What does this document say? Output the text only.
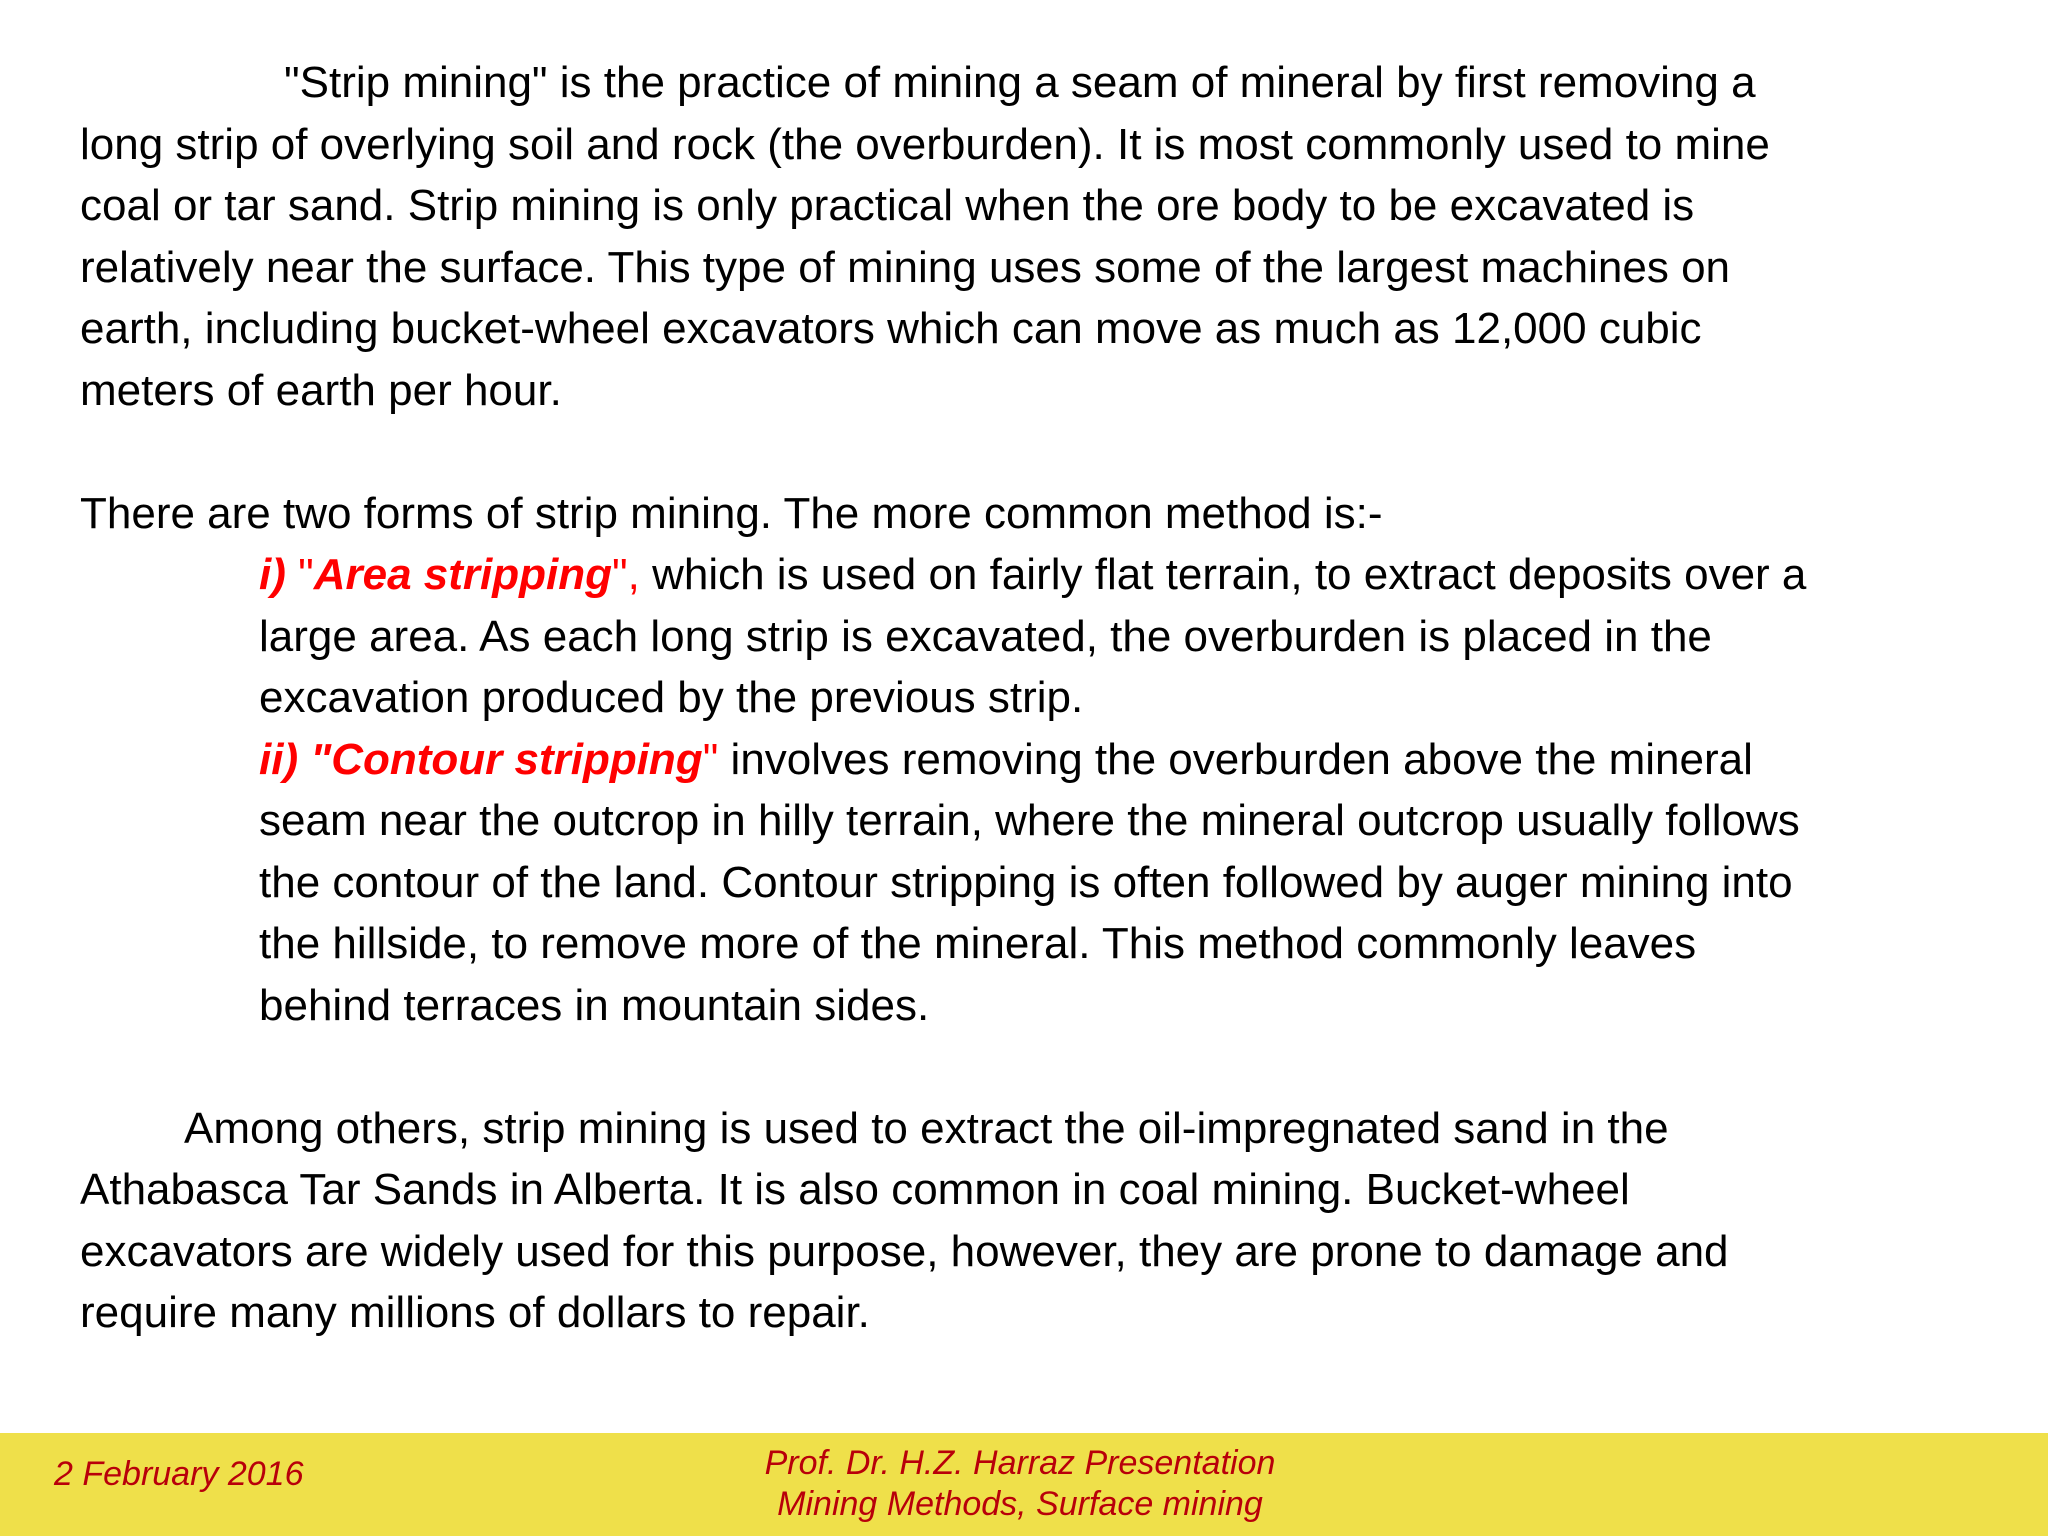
"Strip mining" is the practice of mining a seam of mineral by first removing a
long strip of overlying soil and rock (the overburden). It is most commonly used to mine
coal or tar sand. Strip mining is only practical when the ore body to be excavated is
relatively near the surface. This type of mining uses some of the largest machines on
earth, including bucket-wheel excavators which can move as much as 12,000 cubic
meters of earth per hour.
There are two forms of strip mining. The more common method is:-
i) "Area stripping", which is used on fairly flat terrain, to extract deposits over a
large area. As each long strip is excavated, the overburden is placed in the
excavation produced by the previous strip.
ii) "Contour stripping" involves removing the overburden above the mineral
seam near the outcrop in hilly terrain, where the mineral outcrop usually follows
the contour of the land. Contour stripping is often followed by auger mining into
the hillside, to remove more of the mineral. This method commonly leaves
behind terraces in mountain sides.
Among others, strip mining is used to extract the oil-impregnated sand in the
Athabasca Tar Sands in Alberta. It is also common in coal mining. Bucket-wheel
excavators are widely used for this purpose, however, they are prone to damage and
require many millions of dollars to repair.
2 February 2016	Prof. Dr. H.Z. Harraz Presentation
Mining Methods, Surface mining
